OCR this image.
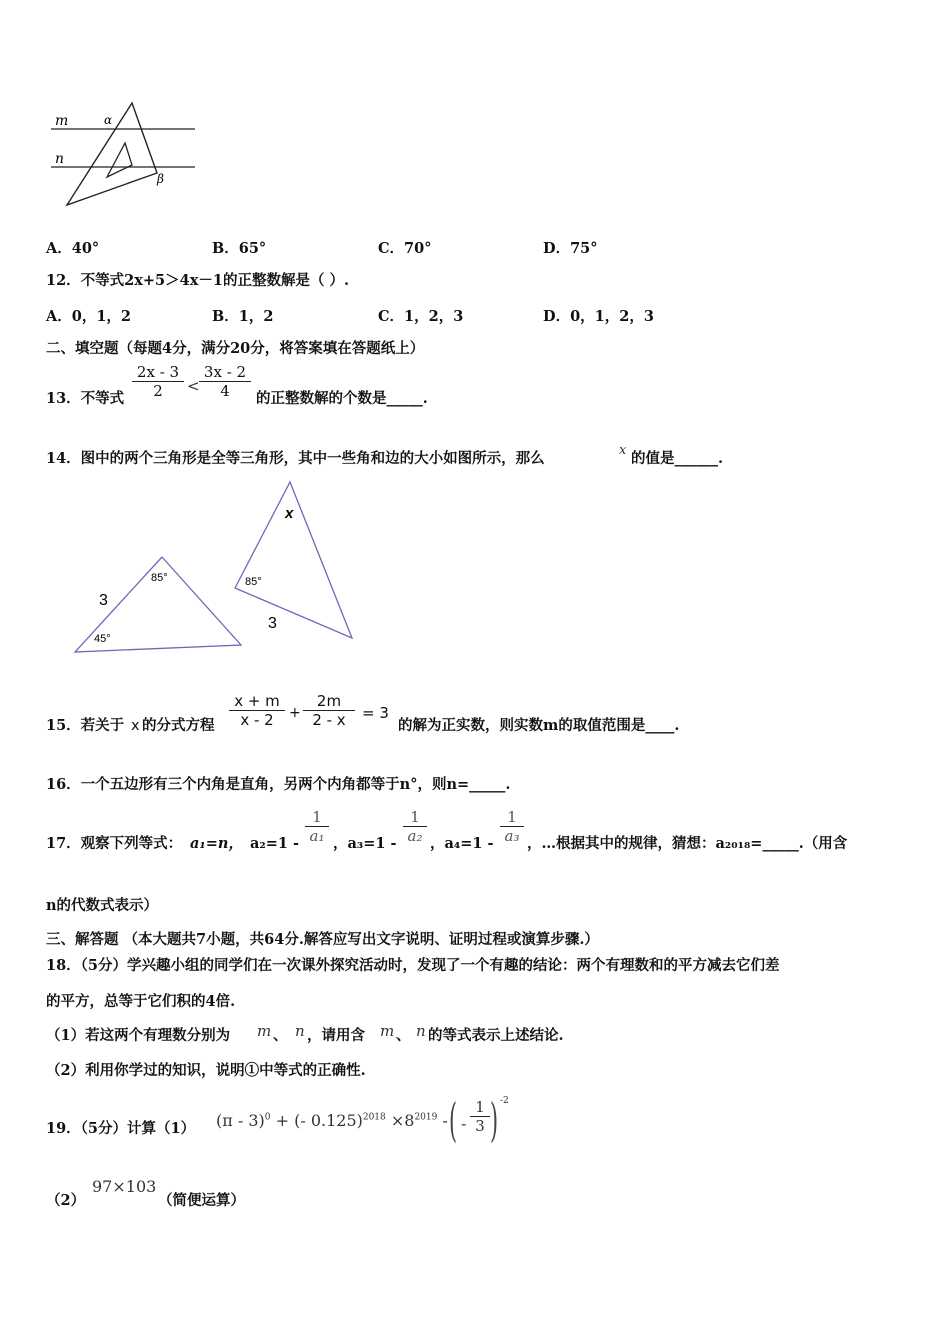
m
n
α
β
A．40°	B．65°	C．70°	D．75°
12．不等式2x+5＞4x－1的正整数解是（ ）.
A．0，1，2	B．1，2	C．1，2，3	D．0，1，2，3
二、填空题（每题4分，满分20分，将答案填在答题纸上）
13．不等式 $\frac{2x - 3}{2} < \frac{3x - 2}{4}$ 的正整数解的个数是_____.
14．图中的两个三角形是全等三角形，其中一些角和边的大小如图所示，那么	x 的值是______.
3
85°
45°
x
85°
3
15．若关于 x 的分式方程 $\frac{x + m}{x - 2} + \frac{2m}{2 - x} = 3$
的解为正实数，则实数m的取值范围是____.
16．一个五边形有三个内角是直角，另两个内角都等于n°，则n=_____.
17．观察下列等式： a₁=n， $a_2=1 - \frac{1}{\text{a₁}}$ ，$a_3=1 - \frac{1}{\text{a₂}}$ ，$a_4=1 - \frac{1}{\text{a₃}}$ ，…根据其中的规律，猜想：a₂₀₁₈=_____.（用含
n的代数式表示）
三、解答题 （本大题共7小题，共64分.解答应写出文字说明、证明过程或演算步骤.）
18．（5分）学兴趣小组的同学们在一次课外探究活动时，发现了一个有趣的结论：两个有理数和的平方减去它们差
的平方，总等于它们积的4倍.
（1）若这两个有理数分别为 m 、 n ，请用含 m 、 n 的等式表示上述结论.
（2）利用你学过的知识，说明①中等式的正确性.
19．（5分）计算（1） (π - 3)$^0$ + (- $0.125)^{2018} \times 8^{2019}$ - ( - $\frac{1}{3}$ ) -2
（2）
97×103
（简便运算）
